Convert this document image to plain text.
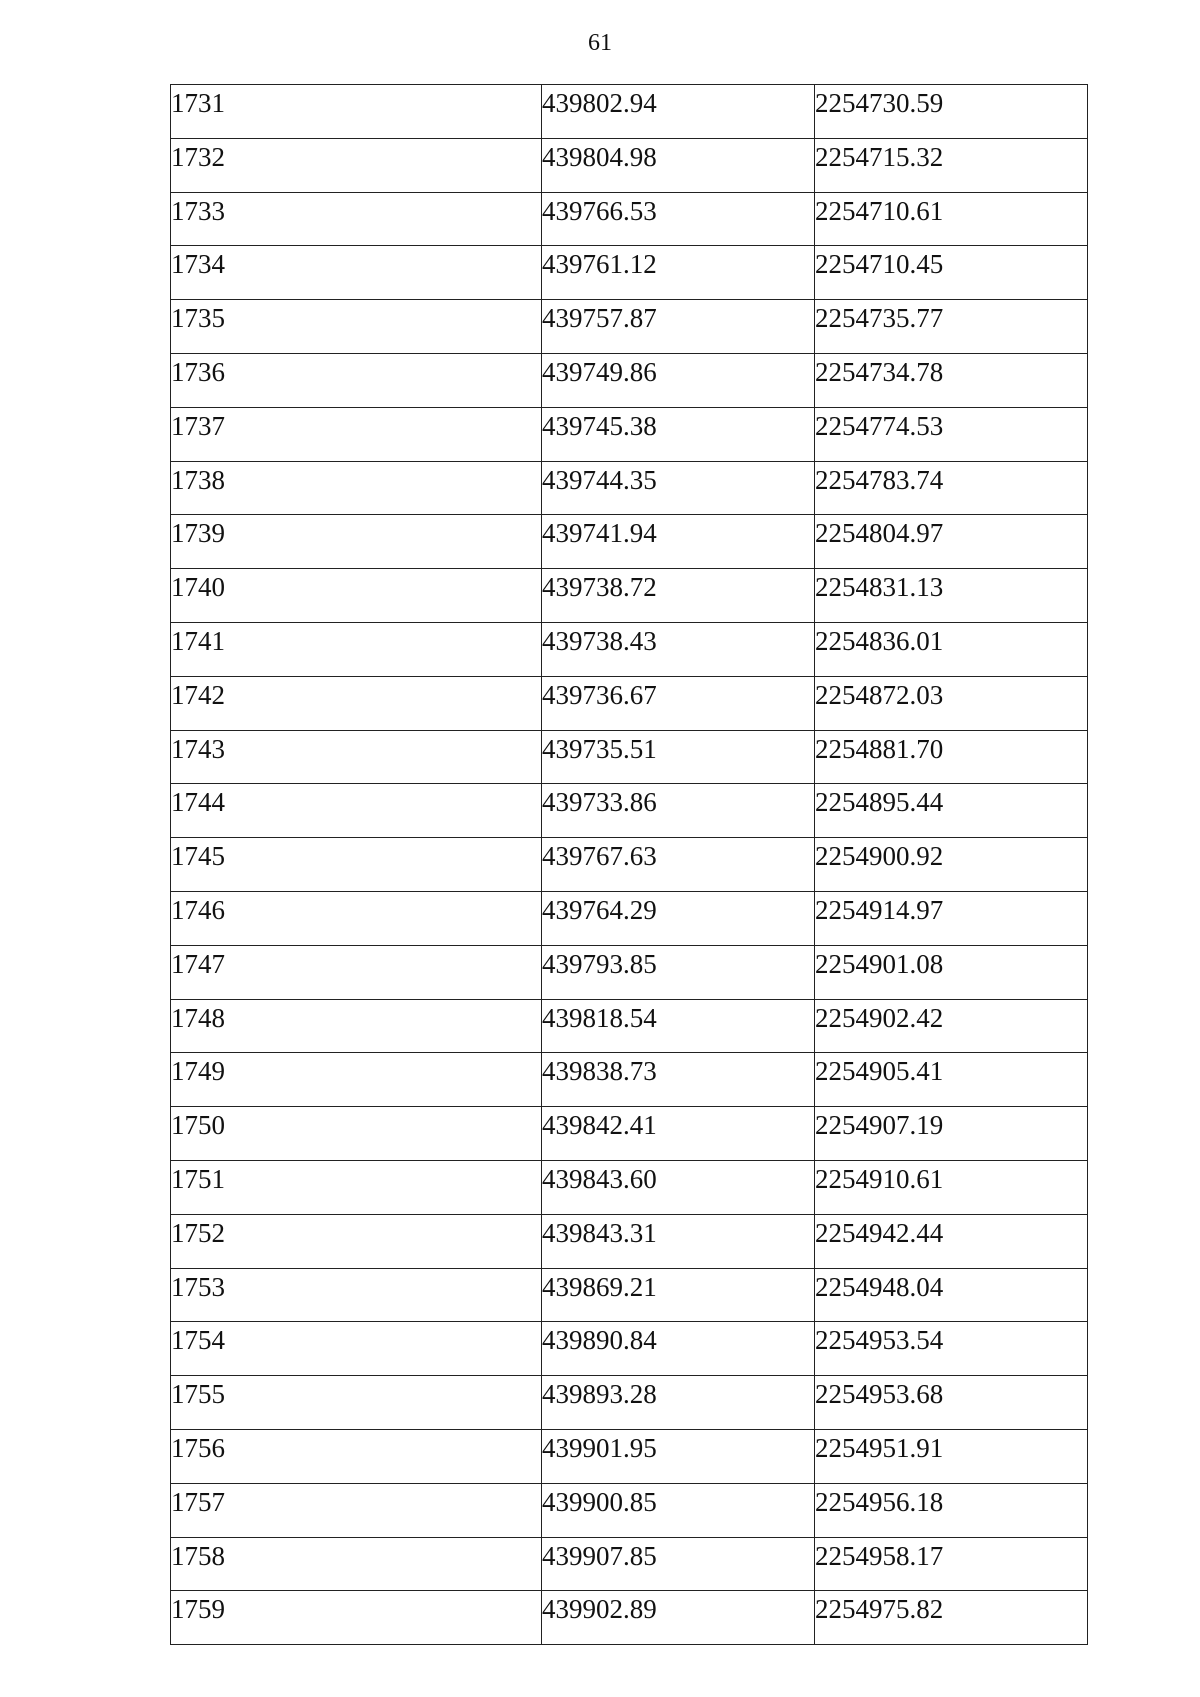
61
1731	439802.94	2254730.59
1732	439804.98	2254715.32
1733	439766.53	2254710.61
1734	439761.12	2254710.45
1735	439757.87	2254735.77
1736	439749.86	2254734.78
1737	439745.38	2254774.53
1738	439744.35	2254783.74
1739	439741.94	2254804.97
1740	439738.72	2254831.13
1741	439738.43	2254836.01
1742	439736.67	2254872.03
1743	439735.51	2254881.70
1744	439733.86	2254895.44
1745	439767.63	2254900.92
1746	439764.29	2254914.97
1747	439793.85	2254901.08
1748	439818.54	2254902.42
1749	439838.73	2254905.41
1750	439842.41	2254907.19
1751	439843.60	2254910.61
1752	439843.31	2254942.44
1753	439869.21	2254948.04
1754	439890.84	2254953.54
1755	439893.28	2254953.68
1756	439901.95	2254951.91
1757	439900.85	2254956.18
1758	439907.85	2254958.17
1759	439902.89	2254975.82
